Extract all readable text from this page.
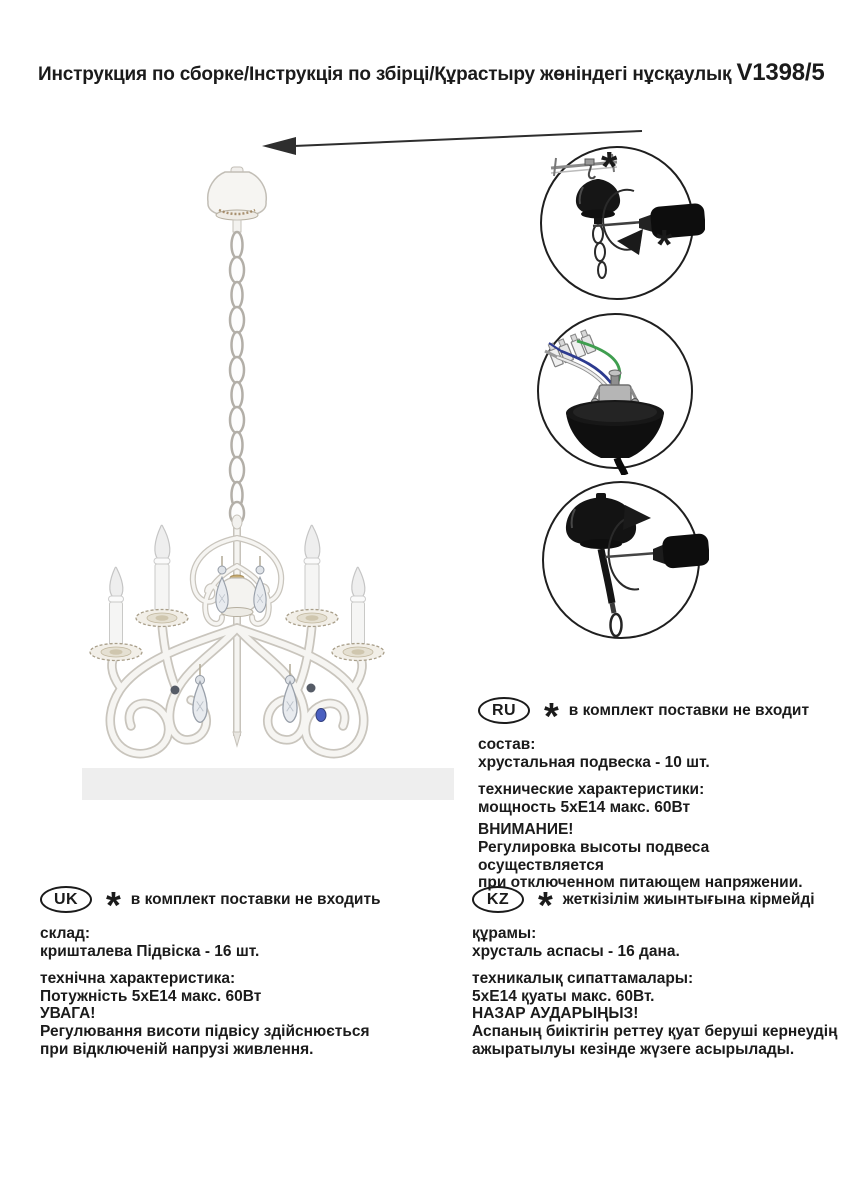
Инструкция по сборке/Інструкція по збірці/Құрастыру жөніндегі нұсқаулық V1398/5
*
*
RU * в комплект поставки не входит
состав:
хрустальная подвеска - 10 шт.
технические характеристики:
мощность 5хЕ14 макс. 60Вт
ВНИМАНИЕ!
Регулировка высоты подвеса осуществляется
при отключенном питающем напряжении.
UK * в комплект поставки не входить
склад:
кришталева Підвіска - 16 шт.
технічна характеристика:
Потужність 5хЕ14 макс. 60Вт
УВАГА!
Регулювання висоти підвісу здійснюється
при відключеній напрузі живлення.
KZ * жеткізілім жиынтығына кірмейді
құрамы:
хрусталь аспасы - 16 дана.
техникалық сипаттамалары:
5хЕ14 қуаты макс. 60Вт.
НАЗАР АУДАРЫҢЫЗ!
Аспаның биіктігін реттеу қуат беруші кернеудің
ажыратылуы кезінде жүзеге асырылады.
